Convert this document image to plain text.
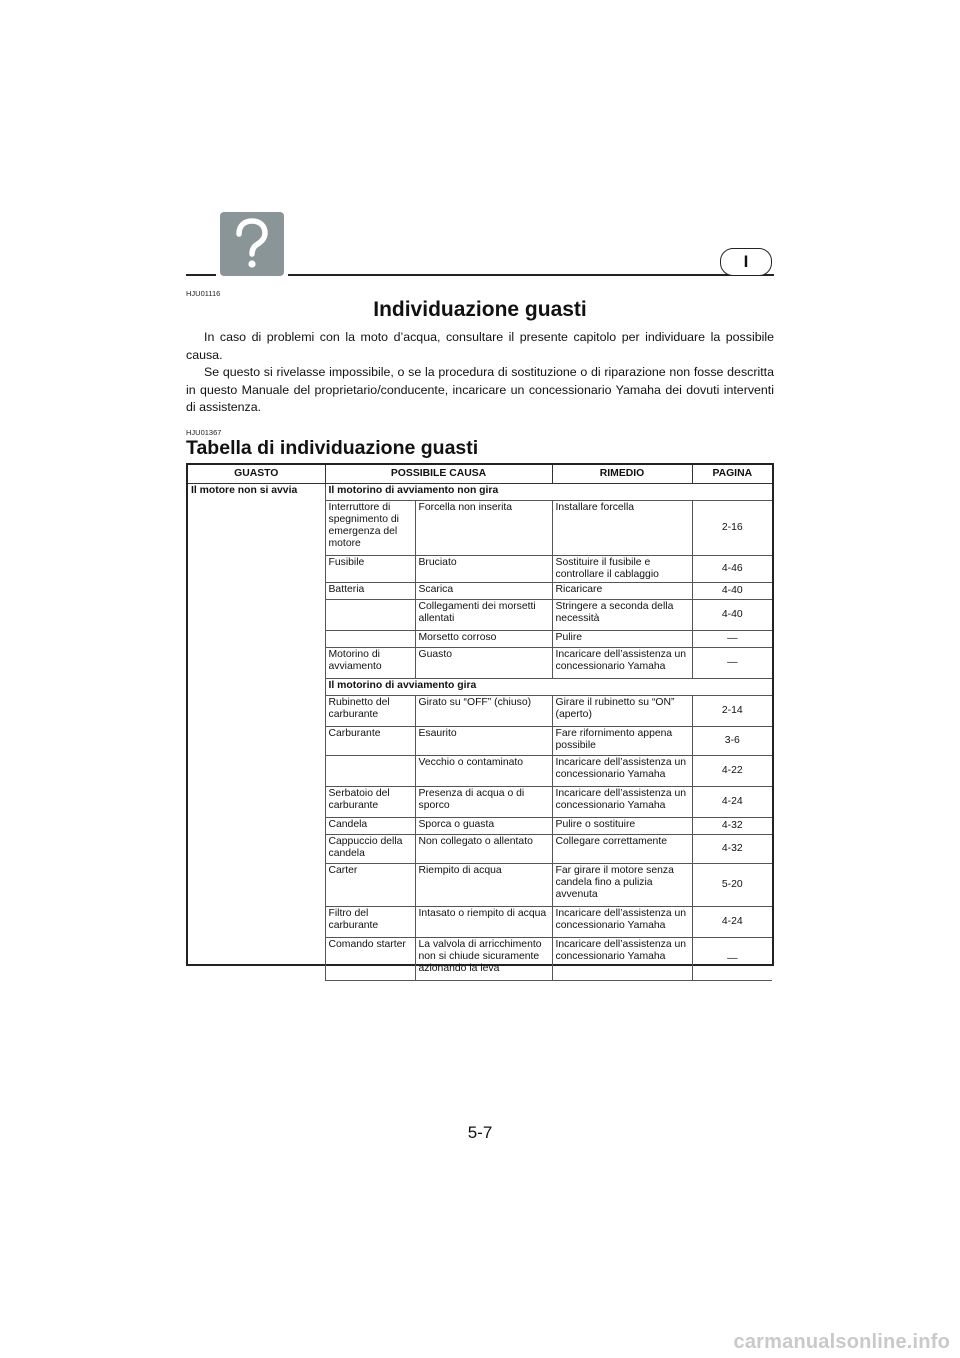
I
HJU01116
Individuazione guasti

In caso di problemi con la moto d’acqua, consultare il presente capitolo per individuare la possibile causa.

Se questo si rivelasse impossibile, o se la procedura di sostituzione o di riparazione non fosse descritta in questo Manuale del proprietario/conducente, incaricare un concessionario Yamaha dei dovuti interventi di assistenza.

HJU01367
Tabella di individuazione guasti
GUASTO	POSSIBILE CAUSA		RIMEDIO	PAGINA
Il motore non si avvia	Il motorino di avviamento non gira			
	Interruttore di spegnimento di emergenza del motore	Forcella non inserita	Installare forcella	2-16
	Fusibile	Bruciato	Sostituire il fusibile e controllare il cablaggio	4-46
	Batteria	Scarica	Ricaricare	4-40
		Collegamenti dei morsetti allentati	Stringere a seconda della necessità	4-40
		Morsetto corroso	Pulire	—
	Motorino di avviamento	Guasto	Incaricare dell’assistenza un concessionario Yamaha	—
	Il motorino di avviamento gira			
	Rubinetto del carburante	Girato su “OFF” (chiuso)	Girare il rubinetto su “ON” (aperto)	2-14
	Carburante	Esaurito	Fare rifornimento appena possibile	3-6
		Vecchio o contaminato	Incaricare dell’assistenza un concessionario Yamaha	4-22
	Serbatoio del carburante	Presenza di acqua o di sporco	Incaricare dell’assistenza un concessionario Yamaha	4-24
	Candela	Sporca o guasta	Pulire o sostituire	4-32
	Cappuccio della candela	Non collegato o allentato	Collegare correttamente	4-32
	Carter	Riempito di acqua	Far girare il motore senza candela fino a pulizia avvenuta	5-20
	Filtro del carburante	Intasato o riempito di acqua	Incaricare dell’assistenza un concessionario Yamaha	4-24
	Comando starter	La valvola di arricchimento non si chiude sicuramente azionando la leva	Incaricare dell’assistenza un concessionario Yamaha	—
5-7
carmanualsonline.info
